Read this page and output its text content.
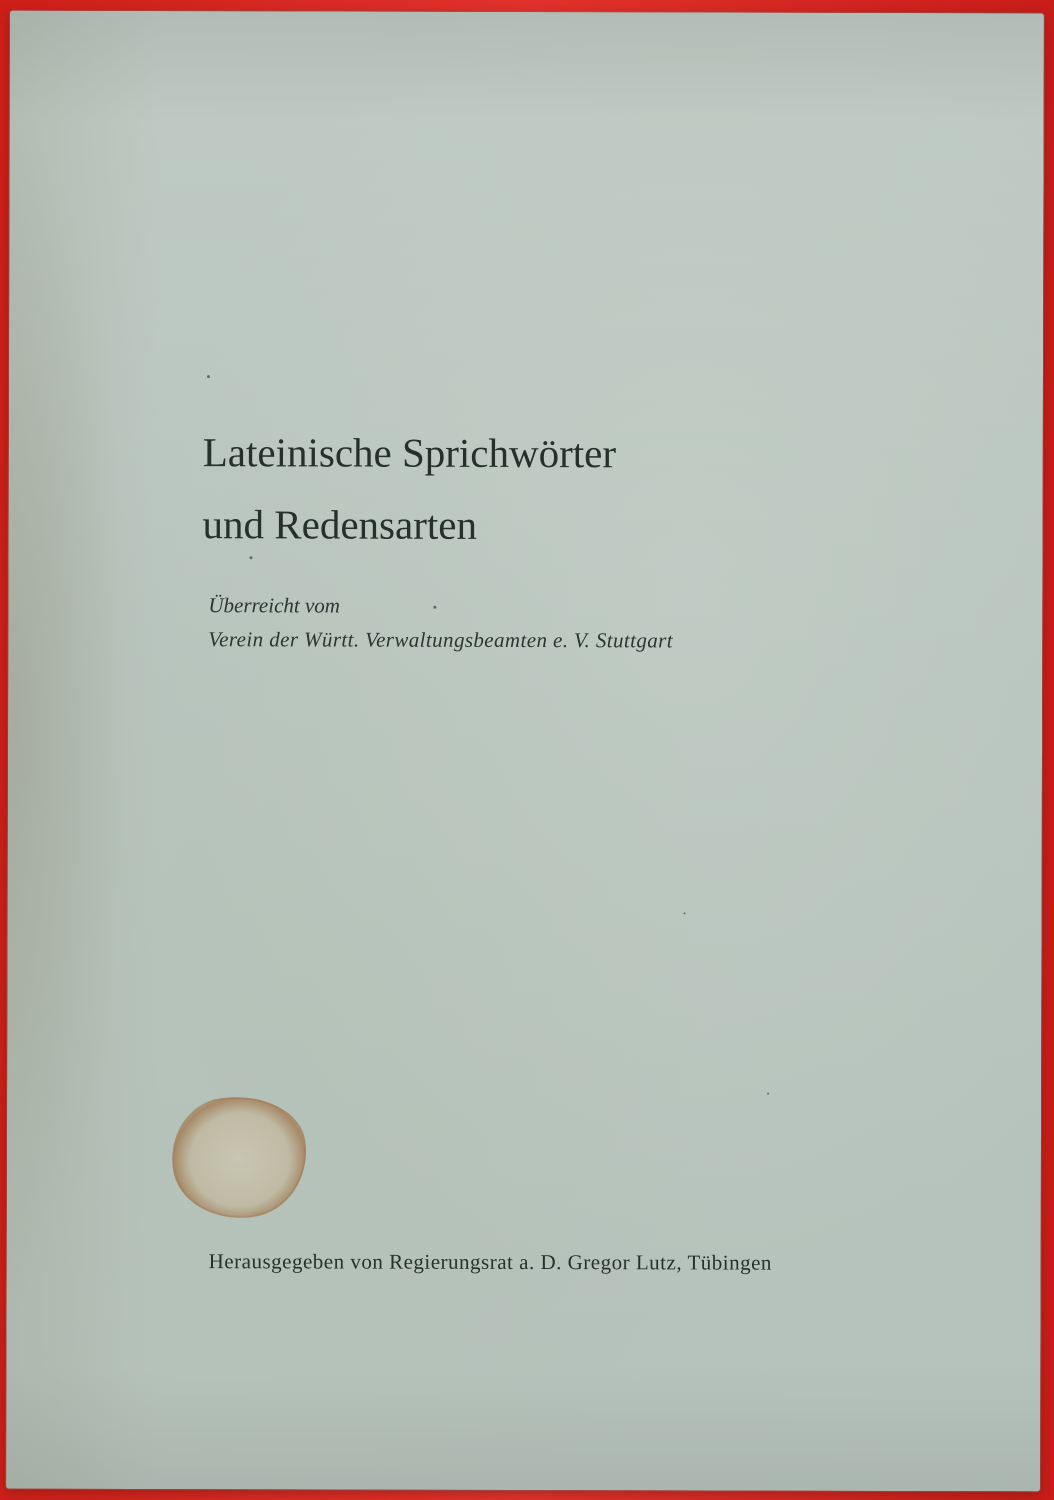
Lateinische Sprichwörter
und Redensarten

Überreicht vom

Verein der Württ. Verwaltungsbeamten e. V. Stuttgart

Herausgegeben von Regierungsrat a. D. Gregor Lutz, Tübingen
